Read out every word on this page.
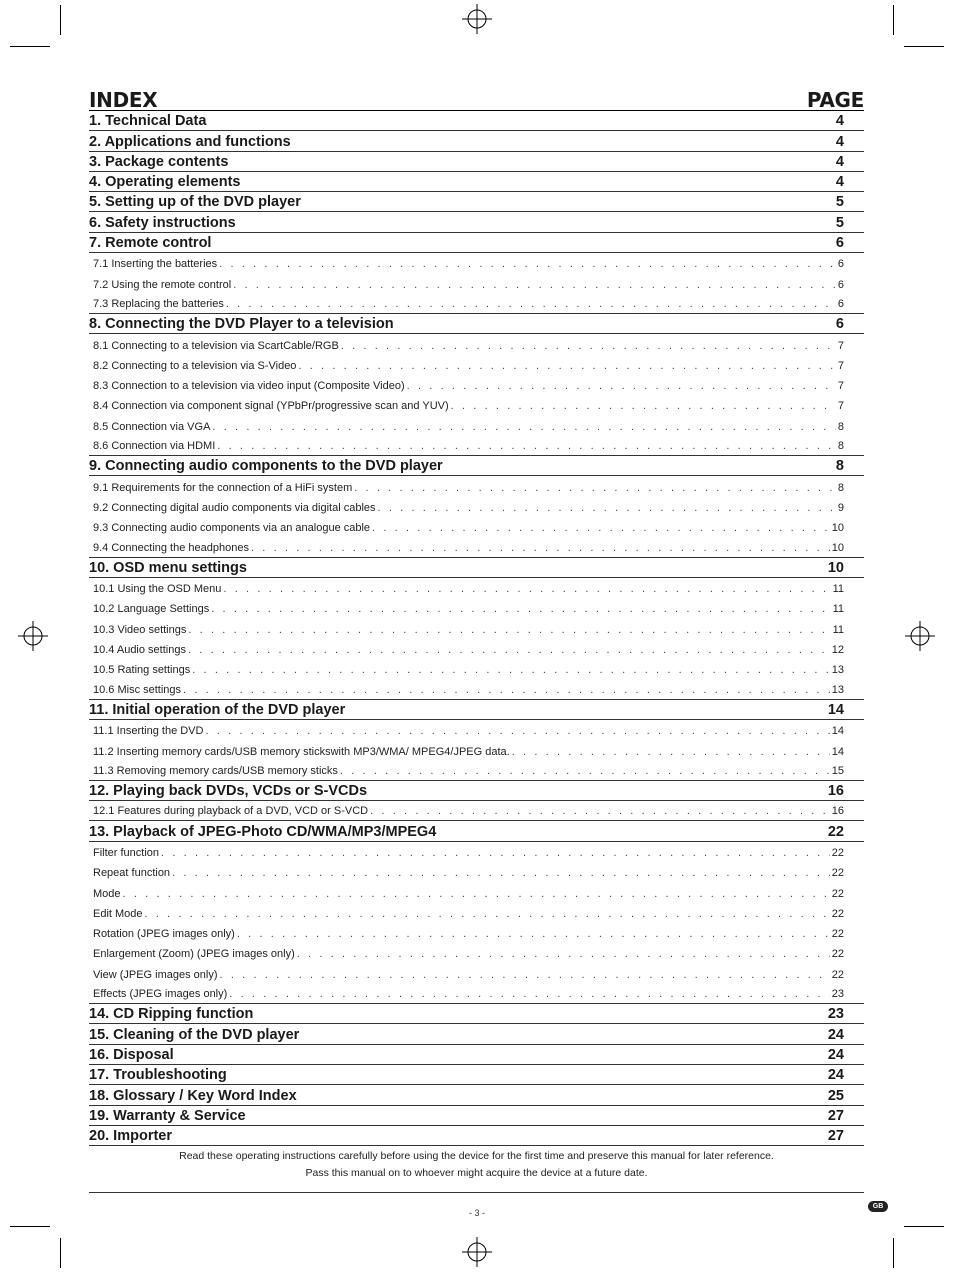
INDEX	PAGE
1. Technical Data	4
2. Applications and functions	4
3. Package contents	4
4. Operating elements	4
5. Setting up of the DVD player	5
6. Safety instructions	5
7. Remote control	6
7.1 Inserting the batteries . . .	6
7.2 Using the remote control . . .	6
7.3 Replacing the batteries . . .	6
8. Connecting the DVD Player to a television	6
8.1 Connecting to a television via ScartCable/RGB . . .	7
8.2 Connecting to a television via S-Video . . .	7
8.3 Connection to a television via video input (Composite Video) . . .	7
8.4 Connection via component signal (YPbPr/progressive scan and YUV) . . .	7
8.5 Connection via VGA . . .	8
8.6 Connection via HDMI . . .	8
9. Connecting audio components to the DVD player	8
9.1 Requirements for the connection of a HiFi system . . .	8
9.2 Connecting digital audio components via digital cables . . .	9
9.3 Connecting audio components via an analogue cable . . .	10
9.4 Connecting the headphones . . .	10
10. OSD menu settings	10
10.1 Using the OSD Menu . . .	11
10.2 Language Settings . . .	11
10.3 Video settings . . .	11
10.4 Audio settings . . .	12
10.5 Rating settings . . .	13
10.6 Misc settings . . .	13
11. Initial operation of the DVD player	14
11.1 Inserting the DVD . . .	14
11.2 Inserting memory cards/USB memory stickswith MP3/WMA/ MPEG4/JPEG data. . . .	14
11.3 Removing memory cards/USB memory sticks . . .	15
12. Playing back DVDs, VCDs or S-VCDs	16
12.1 Features during playback of a DVD, VCD or S-VCD . . .	16
13. Playback of JPEG-Photo CD/WMA/MP3/MPEG4	22
Filter function . . .	22
Repeat function . . .	22
Mode . . .	22
Edit Mode . . .	22
Rotation (JPEG images only) . . .	22
Enlargement (Zoom) (JPEG images only) . . .	22
View (JPEG images only) . . .	22
Effects (JPEG images only) . . .	23
14. CD Ripping function	23
15. Cleaning of the DVD player	24
16. Disposal	24
17. Troubleshooting	24
18. Glossary / Key Word Index	25
19. Warranty & Service	27
20. Importer	27
Read these operating instructions carefully before using the device for the first time and preserve this manual for later reference.
Pass this manual on to whoever might acquire the device at a future date.
- 3 -
GB
